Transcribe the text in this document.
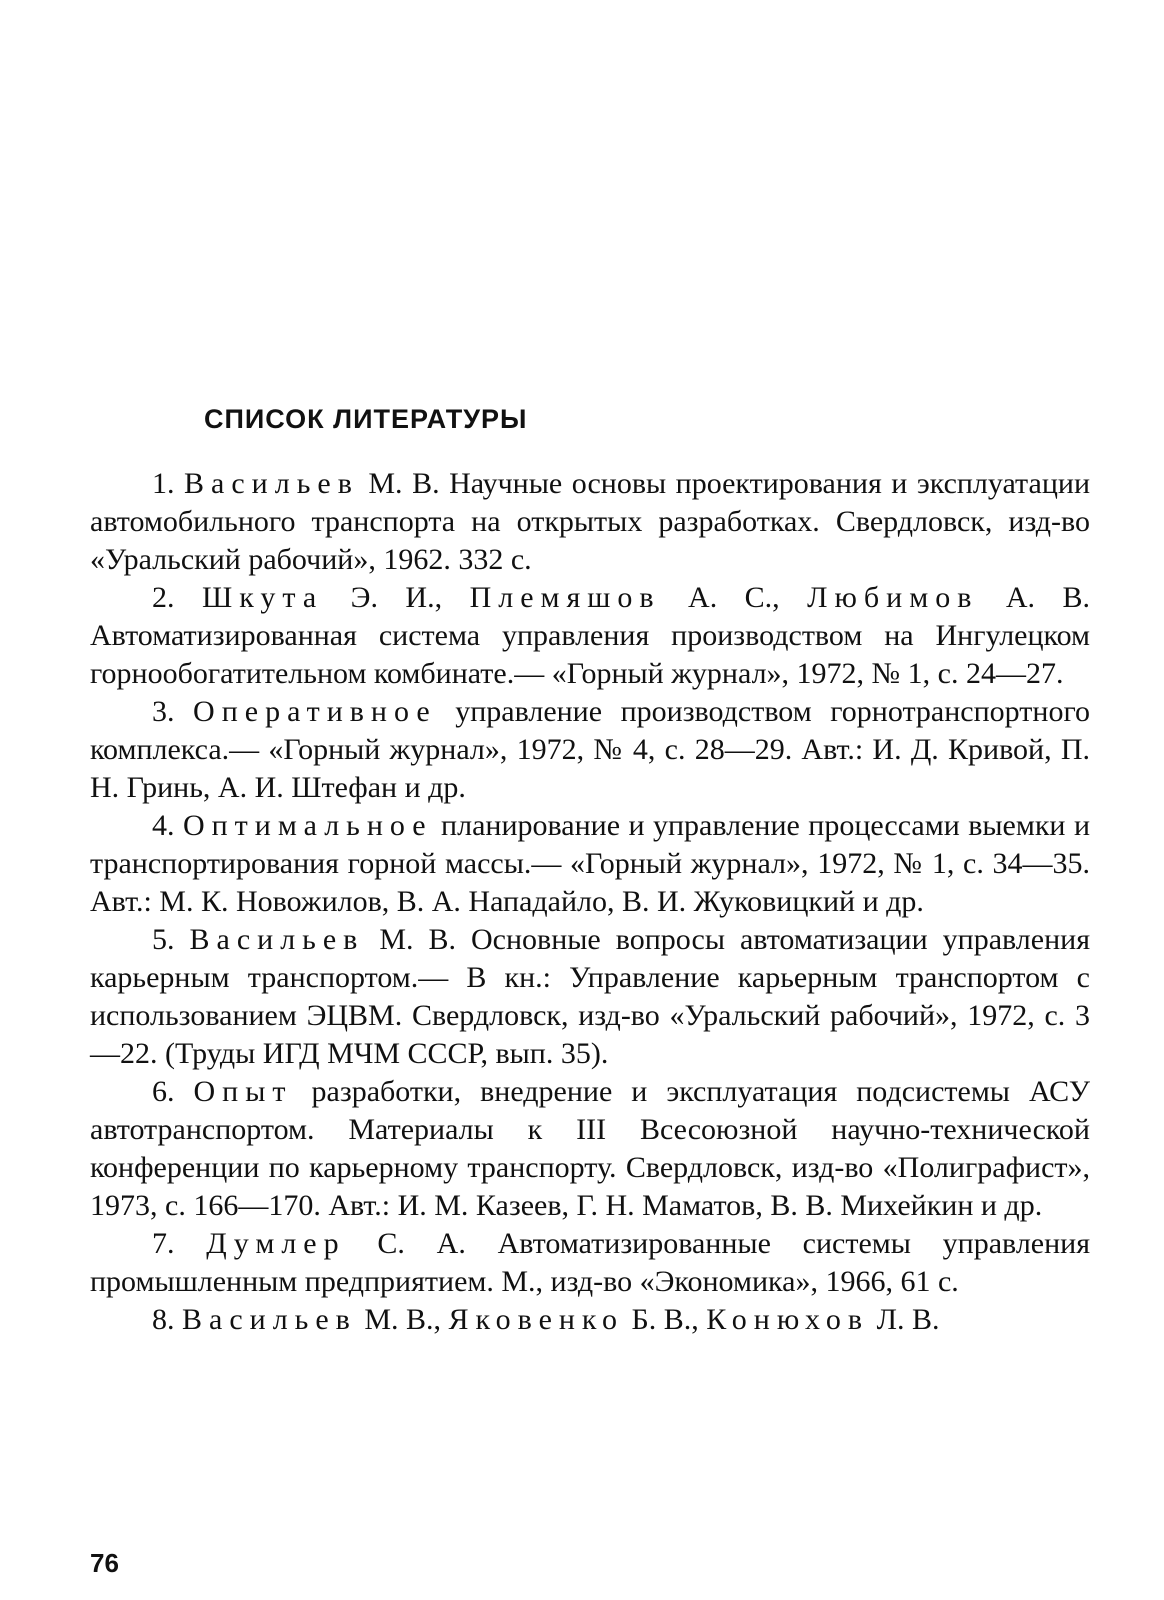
СПИСОК ЛИТЕРАТУРЫ

1. Васильев М. В. Научные основы проектирования и эксплуатации автомобильного транспорта на открытых разработках. Свердловск, изд-во «Уральский рабочий», 1962. 332 с.

2. Шкута Э. И., Племяшов А. С., Любимов А. В. Автоматизированная система управления производством на Ингулецком горнообогатительном комбинате.— «Горный журнал», 1972, № 1, с. 24—27.

3. Оперативное управление производством горнотранспортного комплекса.— «Горный журнал», 1972, № 4, с. 28—29. Авт.: И. Д. Кривой, П. Н. Гринь, А. И. Штефан и др.

4. Оптимальное планирование и управление процессами выемки и транспортирования горной массы.— «Горный журнал», 1972, № 1, с. 34—35. Авт.: М. К. Новожилов, В. А. Нападайло, В. И. Жуковицкий и др.

5. Васильев М. В. Основные вопросы автоматизации управления карьерным транспортом.— В кн.: Управление карьерным транспортом с использованием ЭЦВМ. Свердловск, изд-во «Уральский рабочий», 1972, с. 3—22. (Труды ИГД МЧМ СССР, вып. 35).

6. Опыт разработки, внедрение и эксплуатация подсистемы АСУ автотранспортом. Материалы к III Всесоюзной научно-технической конференции по карьерному транспорту. Свердловск, изд-во «Полиграфист», 1973, с. 166—170. Авт.: И. М. Казеев, Г. Н. Маматов, В. В. Михейкин и др.

7. Думлер С. А. Автоматизированные системы управления промышленным предприятием. М., изд-во «Экономика», 1966, 61 с.

8. Васильев М. В., Яковенко Б. В., Конюхов Л. В.

76
